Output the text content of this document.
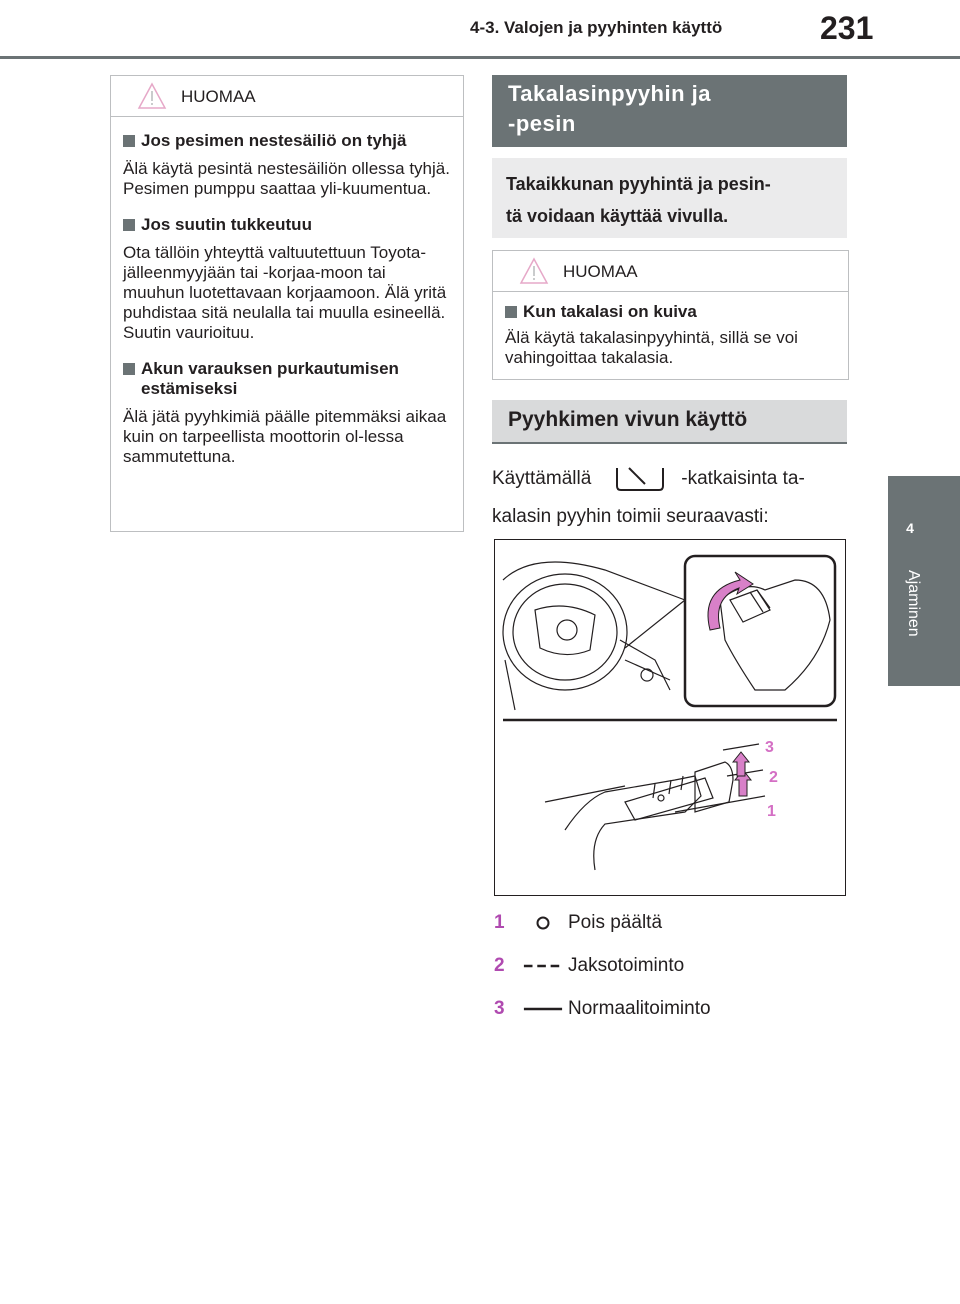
4-3. Valojen ja pyyhinten käyttö	231
4
Ajaminen
HUOMAA
Jos pesimen nestesäiliö on tyhjä
Älä käytä pesintä nestesäiliön ollessa tyhjä. Pesimen pumppu saattaa yli-kuumentua.
Jos suutin tukkeutuu
Ota tällöin yhteyttä valtuutettuun Toyota-jälleenmyyjään tai -korjaa-moon tai muuhun luotettavaan korjaamoon. Älä yritä puhdistaa sitä neulalla tai muulla esineellä. Suutin vaurioituu.
Akun varauksen purkautumisen estämiseksi
Älä jätä pyyhkimiä päälle pitemmäksi aikaa kuin on tarpeellista moottorin ol-lessa sammutettuna.
Takalasinpyyhin ja
-pesin
Takaikkunan pyyhintä ja pesin-
tä voidaan käyttää vivulla.
HUOMAA
Kun takalasi on kuiva
Älä käytä takalasinpyyhintä, sillä se voi vahingoittaa takalasia.
Pyyhkimen vivun käyttö
Käyttämällä	-katkaisinta ta-
kalasin pyyhin toimii seuraavasti:
3
2
1
1	Pois päältä
2	Jaksotoiminto
3	Normaalitoiminto
